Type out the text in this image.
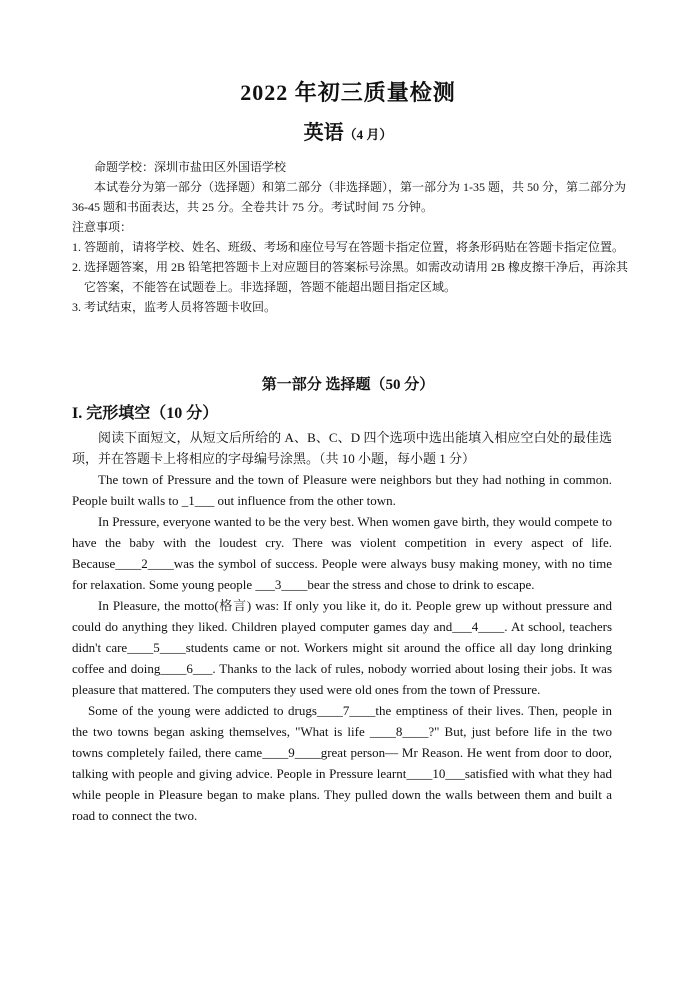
2022 年初三质量检测
英语（4 月）

命题学校：深圳市盐田区外国语学校

本试卷分为第一部分（选择题）和第二部分（非选择题），第一部分为 1-35 题，共 50 分，第二部分为 36-45 题和书面表达，共 25 分。全卷共计 75 分。考试时间 75 分钟。

注意事项：

1. 答题前，请将学校、姓名、班级、考场和座位号写在答题卡指定位置，将条形码贴在答题卡指定位置。

2. 选择题答案，用 2B 铅笔把答题卡上对应题目的答案标号涂黑。如需改动请用 2B 橡皮擦干净后，再涂其它答案，不能答在试题卷上。非选择题，答题不能超出题目指定区域。

3. 考试结束，监考人员将答题卡收回。

第一部分 选择题（50 分）
I. 完形填空（10 分）

阅读下面短文，从短文后所给的 A、B、C、D 四个选项中选出能填入相应空白处的最佳选项，并在答题卡上将相应的字母编号涂黑。（共 10 小题，每小题 1 分）

The town of Pressure and the town of Pleasure were neighbors but they had nothing in common. People built walls to _1___ out influence from the other town.

In Pressure, everyone wanted to be the very best. When women gave birth, they would compete to have the baby with the loudest cry. There was violent competition in every aspect of life. Because____2____was the symbol of success. People were always busy making money, with no time for relaxation. Some young people ___3____bear the stress and chose to drink to escape.

In Pleasure, the motto(格言) was: If only you like it, do it. People grew up without pressure and could do anything they liked. Children played computer games day and___4____. At school, teachers didn't care____5____students came or not. Workers might sit around the office all day long drinking coffee and doing____6___. Thanks to the lack of rules, nobody worried about losing their jobs. It was pleasure that mattered. The computers they used were old ones from the town of Pressure.

Some of the young were addicted to drugs____7____the emptiness of their lives. Then, people in the two towns began asking themselves, "What is life ____8____?" But, just before life in the two towns completely failed, there came____9____great person— Mr Reason. He went from door to door, talking with people and giving advice. People in Pressure learnt____10___satisfied with what they had while people in Pleasure began to make plans. They pulled down the walls between them and built a road to connect the two.
